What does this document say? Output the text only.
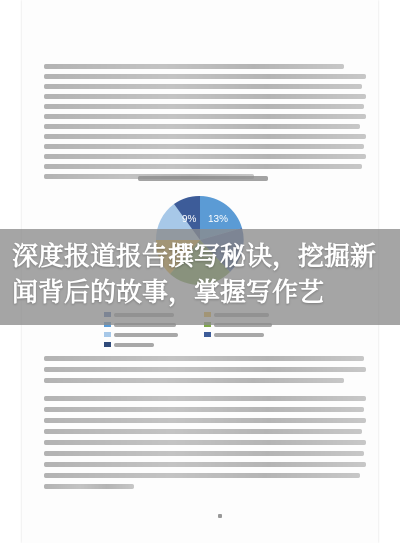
9% 13%
深度报道报告撰写秘诀，挖掘新闻背后的故事，掌握写作艺
